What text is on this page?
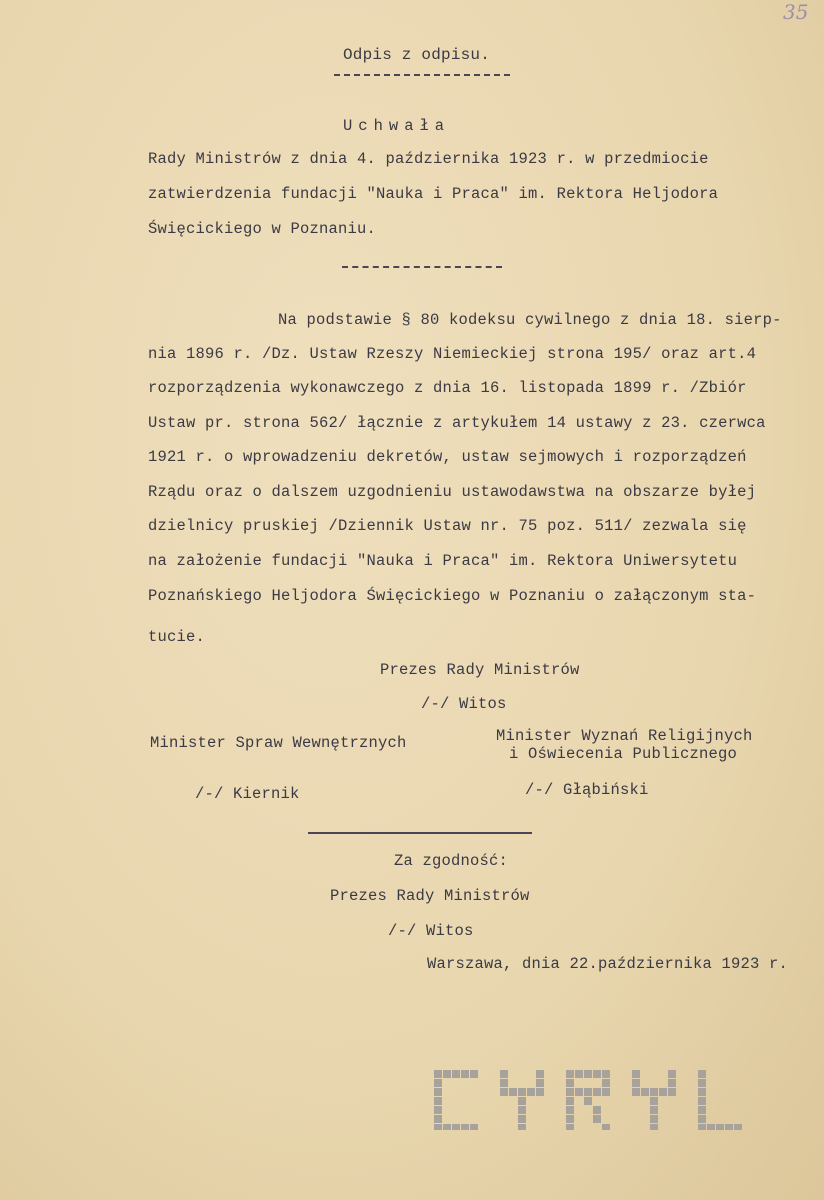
35
Odpis z odpisu.
Uchwała
Rady Ministrów z dnia 4. października 1923 r. w przedmiocie
zatwierdzenia fundacji "Nauka i Praca" im. Rektora Heljodora
Święcickiego w Poznaniu.
Na podstawie § 80 kodeksu cywilnego z dnia 18. sierp-
nia 1896 r. /Dz. Ustaw Rzeszy Niemieckiej strona 195/ oraz art.4
rozporządzenia wykonawczego z dnia 16. listopada 1899 r. /Zbiór
Ustaw pr. strona 562/ łącznie z artykułem 14 ustawy z 23. czerwca
1921 r. o wprowadzeniu dekretów, ustaw sejmowych i rozporządzeń
Rządu oraz o dalszem uzgodnieniu ustawodawstwa na obszarze byłej
dzielnicy pruskiej /Dziennik Ustaw nr. 75 poz. 511/ zezwala się
na założenie fundacji "Nauka i Praca" im. Rektora Uniwersytetu
Poznańskiego Heljodora Święcickiego w Poznaniu o załączonym sta-
tucie.
Prezes Rady Ministrów
/-/ Witos
Minister Spraw Wewnętrznych	Minister Wyznań Religijnych
i Oświecenia Publicznego
/-/ Kiernik	/-/ Głąbiński
Za zgodność:
Prezes Rady Ministrów
/-/ Witos
Warszawa, dnia 22.października 1923 r.
